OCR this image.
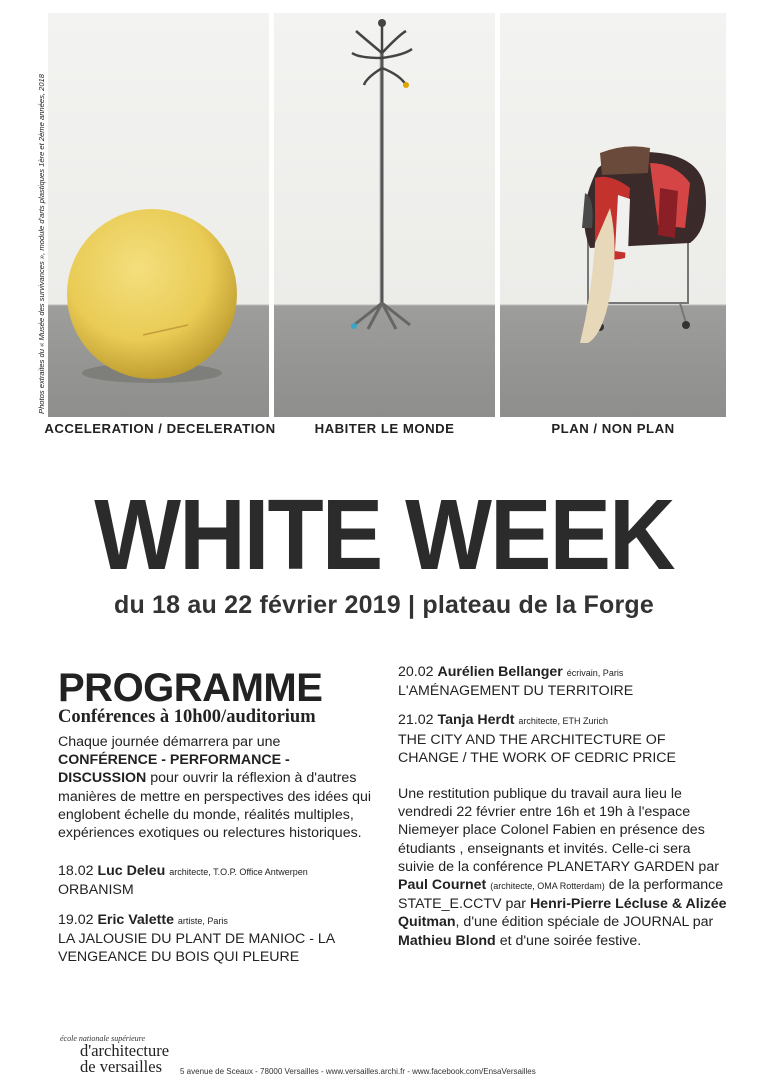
Photos extraites du « Musée des survivances », module d'arts plastiques 1ère et 2ème années, 2018
ACCELERATION / DECELERATION	HABITER LE MONDE	PLAN / NON PLAN
WHITE WEEK
du 18 au 22 février 2019 | plateau de la Forge
PROGRAMME
Conférences à 10h00/auditorium
Chaque journée démarrera par une CONFÉRENCE - PERFORMANCE - DISCUSSION pour ouvrir la réflexion à d'autres manières de mettre en perspectives des idées qui englobent échelle du monde, réalités multiples, expériences exotiques ou relectures historiques.
18.02 Luc Deleu architecte, T.O.P. Office Antwerpen
ORBANISM
19.02 Eric Valette artiste, Paris
LA JALOUSIE DU PLANT DE MANIOC - LA VENGEANCE DU BOIS QUI PLEURE
20.02 Aurélien Bellanger écrivain, Paris
L'AMÉNAGEMENT DU TERRITOIRE
21.02 Tanja Herdt architecte, ETH Zurich
THE CITY AND THE ARCHITECTURE OF CHANGE / THE WORK OF CEDRIC PRICE
Une restitution publique du travail aura lieu le vendredi 22 février entre 16h et 19h à l'espace Niemeyer place Colonel Fabien en présence des étudiants , enseignants et invités. Celle-ci sera suivie de la conférence PLANETARY GARDEN par Paul Cournet (architecte, OMA Rotterdam) de la performance STATE_E.CCTV par Henri-Pierre Lécluse & Alizée Quitman, d'une édition spéciale de JOURNAL par Mathieu Blond et d'une soirée festive.
école nationale supérieure
d'architecture
de versailles	5 avenue de Sceaux - 78000 Versailles - www.versailles.archi.fr - www.facebook.com/EnsaVersailles
